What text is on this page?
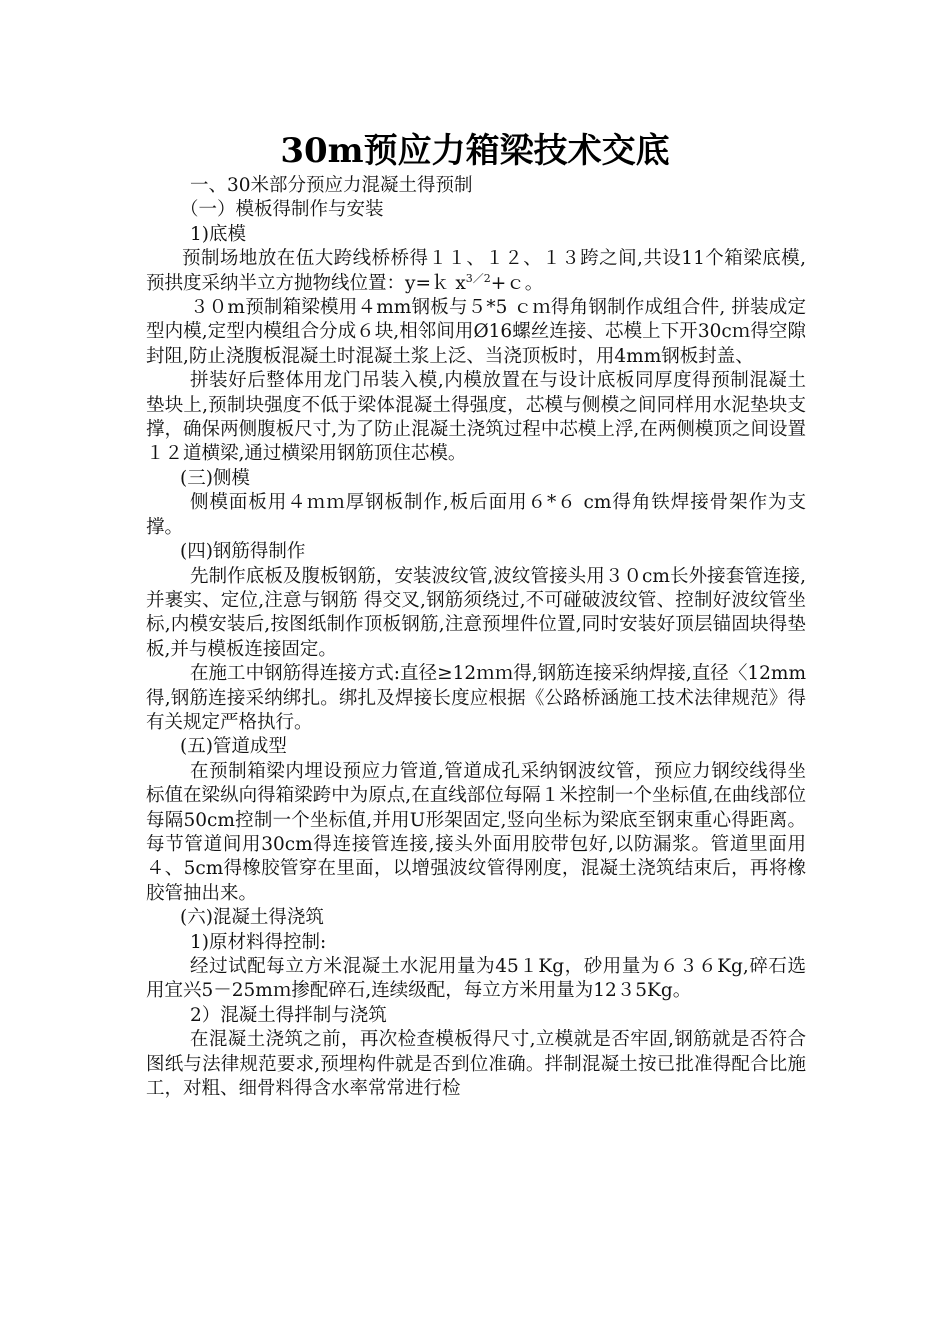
30m预应力箱梁技术交底

一、30米部分预应力混凝土得预制

（一）模板得制作与安装

1)底模

预制场地放在伍大跨线桥桥得１１、１２、１３跨之间,共设11个箱梁底模, 预拱度采纳半立方抛物线位置：y=ｋ $x^{3/2}+c$。

３０m预制箱梁模用４mm钢板与５*5 ｃｍ得角钢制作成组合件, 拼装成定型内模,定型内模组合分成６块,相邻间用Ø16螺丝连接、芯模上下开30cｍ得空隙封阻,防止浇腹板混凝土时混凝土浆上泛、当浇顶板时，用4mm钢板封盖、

拼装好后整体用龙门吊装入模,内模放置在与设计底板同厚度得预制混凝土垫块上,预制块强度不低于梁体混凝土得强度，芯模与侧模之间同样用水泥垫块支撑，确保两侧腹板尺寸,为了防止混凝土浇筑过程中芯模上浮,在两侧模顶之间设置１２道横梁,通过横梁用钢筋顶住芯模。

(三)侧模

侧模面板用４ｍｍ厚钢板制作,板后面用６*６ cm得角铁焊接骨架作为支撑。

(四)钢筋得制作

先制作底板及腹板钢筋，安装波纹管,波纹管接头用３０cm长外接套管连接,并裹实、定位,注意与钢筋 得交叉,钢筋须绕过,不可碰破波纹管、控制好波纹管坐标,内模安装后,按图纸制作顶板钢筋,注意预埋件位置,同时安装好顶层锚固块得垫板,并与模板连接固定。

在施工中钢筋得连接方式:直径≥12ｍｍ得,钢筋连接采纳焊接,直径〈12mm得,钢筋连接采纳绑扎。绑扎及焊接长度应根据《公路桥涵施工技术法律规范》得有关规定严格执行。

(五)管道成型

在预制箱梁内埋设预应力管道,管道成孔采纳钢波纹管，预应力钢绞线得坐标值在梁纵向得箱梁跨中为原点,在直线部位每隔１米控制一个坐标值,在曲线部位每隔50cm控制一个坐标值,并用U形架固定,竖向坐标为梁底至钢束重心得距离。每节管道间用30cm得连接管连接,接头外面用胶带包好,以防漏浆。管道里面用４、5cm得橡胶管穿在里面，以增强波纹管得刚度，混凝土浇筑结束后，再将橡胶管抽出来。

(六)混凝土得浇筑

1)原材料得控制:

经过试配每立方米混凝土水泥用量为45１Kg，砂用量为６３６Kg,碎石选用宜兴5－25mｍ掺配碎石,连续级配，每立方米用量为12３5Kg。

2）混凝土得拌制与浇筑

在混凝土浇筑之前，再次检查模板得尺寸,立模就是否牢固,钢筋就是否符合图纸与法律规范要求,预埋构件就是否到位准确。拌制混凝土按已批准得配合比施工，对粗、细骨料得含水率常常进行检
